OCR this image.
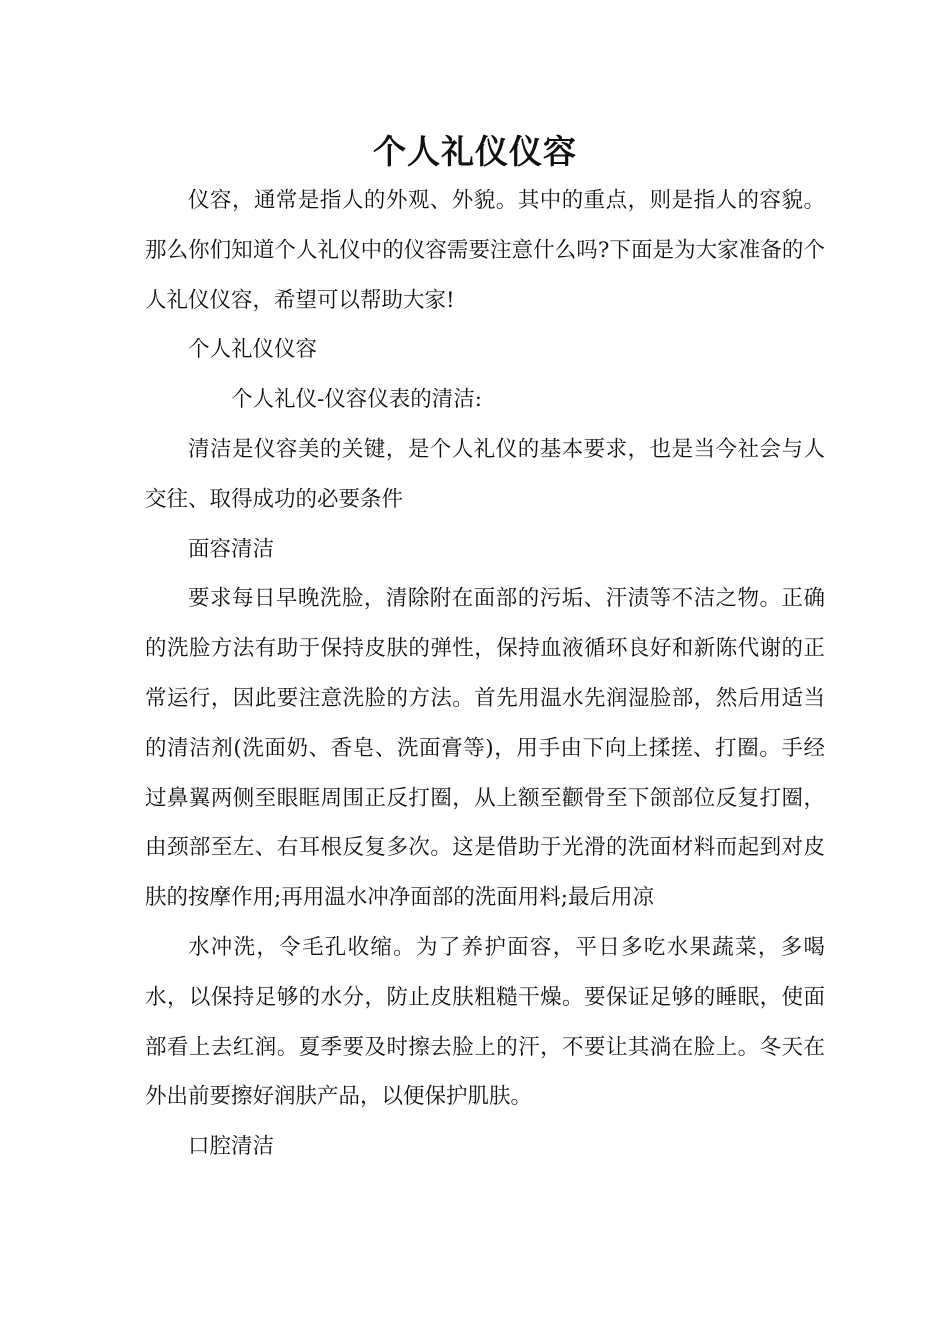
个人礼仪仪容

仪容，通常是指人的外观、外貌。其中的重点，则是指人的容貌。那么你们知道个人礼仪中的仪容需要注意什么吗?下面是为大家准备的个人礼仪仪容，希望可以帮助大家!

个人礼仪仪容

个人礼仪-仪容仪表的清洁:

清洁是仪容美的关键，是个人礼仪的基本要求，也是当今社会与人交往、取得成功的必要条件

面容清洁

要求每日早晚洗脸，清除附在面部的污垢、汗渍等不洁之物。正确的洗脸方法有助于保持皮肤的弹性，保持血液循环良好和新陈代谢的正常运行，因此要注意洗脸的方法。首先用温水先润湿脸部，然后用适当的清洁剂(洗面奶、香皂、洗面膏等)，用手由下向上揉搓、打圈。手经过鼻翼两侧至眼眶周围正反打圈，从上额至颧骨至下颌部位反复打圈，由颈部至左、右耳根反复多次。这是借助于光滑的洗面材料而起到对皮肤的按摩作用;再用温水冲净面部的洗面用料;最后用凉

水冲洗，令毛孔收缩。为了养护面容，平日多吃水果蔬菜，多喝水，以保持足够的水分，防止皮肤粗糙干燥。要保证足够的睡眠，使面部看上去红润。夏季要及时擦去脸上的汗，不要让其淌在脸上。冬天在外出前要擦好润肤产品，以便保护肌肤。

口腔清洁
